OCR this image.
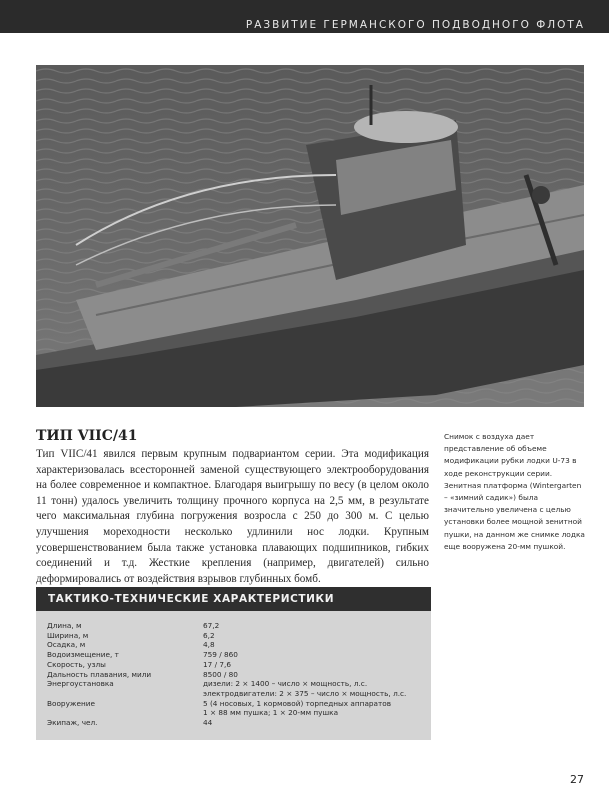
РАЗВИТИЕ ГЕРМАНСКОГО ПОДВОДНОГО ФЛОТА
ТИП VIIC/41

Тип VIIC/41 явился первым крупным подвариантом серии. Эта модификация характеризовалась всесторонней заменой существующего электрооборудования на более современное и компактное. Благодаря выигрышу по весу (в целом около 11 тонн) удалось увеличить толщину прочного корпуса на 2,5 мм, в результате чего максимальная глубина погружения возросла с 250 до 300 м. С целью улучшения мореходности несколько удлинили нос лодки. Крупным усовершенствованием была также установка плавающих подшипников, гибких соединений и т.д. Жесткие крепления (например, двигателей) сильно деформировались от воздействия взрывов глубинных бомб.

Снимок с воздуха дает представление об объеме модификации рубки лодки U-73 в ходе реконструкции серии. Зенитная платформа (Wintergarten – «зимний садик») была значительно увеличена с целью установки более мощной зенитной пушки, на данном же снимке лодка еще вооружена 20-мм пушкой.

ТАКТИКО-ТЕХНИЧЕСКИЕ ХАРАКТЕРИСТИКИ
Длина, м	67,2

Ширина, м	6,2

Осадка, м	4,8

Водоизмещение, т	759 / 860

Скорость, узлы	17 / 7,6

Дальность плавания, мили	8500 / 80

Энергоустановка	дизели: 2 × 1400 – число × мощность, л.с.
электродвигатели: 2 × 375 – число × мощность, л.с.

Вооружение	5 (4 носовых, 1 кормовой) торпедных аппаратов
1 × 88 мм пушка; 1 × 20-мм пушка

Экипаж, чел.	44
27
